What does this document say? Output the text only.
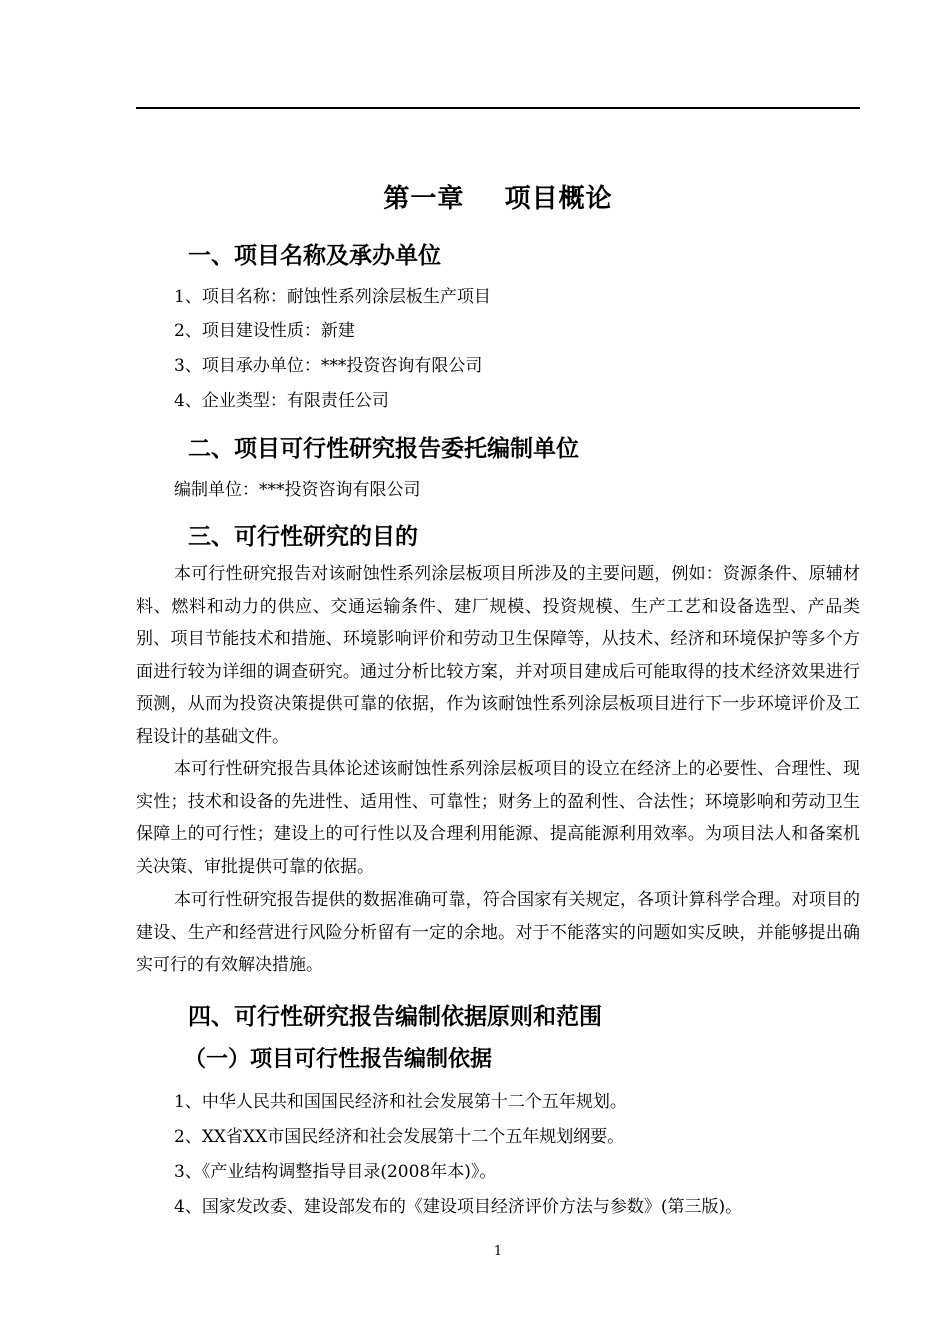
第一章    项目概论
一、项目名称及承办单位
1、项目名称：耐蚀性系列涂层板生产项目
2、项目建设性质：新建
3、项目承办单位：***投资咨询有限公司
4、企业类型：有限责任公司
二、项目可行性研究报告委托编制单位
编制单位：***投资咨询有限公司
三、可行性研究的目的
本可行性研究报告对该耐蚀性系列涂层板项目所涉及的主要问题，例如：资源条件、原辅材料、燃料和动力的供应、交通运输条件、建厂规模、投资规模、生产工艺和设备选型、产品类别、项目节能技术和措施、环境影响评价和劳动卫生保障等，从技术、经济和环境保护等多个方面进行较为详细的调查研究。通过分析比较方案，并对项目建成后可能取得的技术经济效果进行预测，从而为投资决策提供可靠的依据，作为该耐蚀性系列涂层板项目进行下一步环境评价及工程设计的基础文件。
本可行性研究报告具体论述该耐蚀性系列涂层板项目的设立在经济上的必要性、合理性、现实性；技术和设备的先进性、适用性、可靠性；财务上的盈利性、合法性；环境影响和劳动卫生保障上的可行性；建设上的可行性以及合理利用能源、提高能源利用效率。为项目法人和备案机关决策、审批提供可靠的依据。
本可行性研究报告提供的数据准确可靠，符合国家有关规定，各项计算科学合理。对项目的建设、生产和经营进行风险分析留有一定的余地。对于不能落实的问题如实反映，并能够提出确实可行的有效解决措施。
四、可行性研究报告编制依据原则和范围
（一）项目可行性报告编制依据
1、中华人民共和国国民经济和社会发展第十二个五年规划。
2、XX省XX市国民经济和社会发展第十二个五年规划纲要。
3、《产业结构调整指导目录(2008年本)》。
4、国家发改委、建设部发布的《建设项目经济评价方法与参数》(第三版)。
1
